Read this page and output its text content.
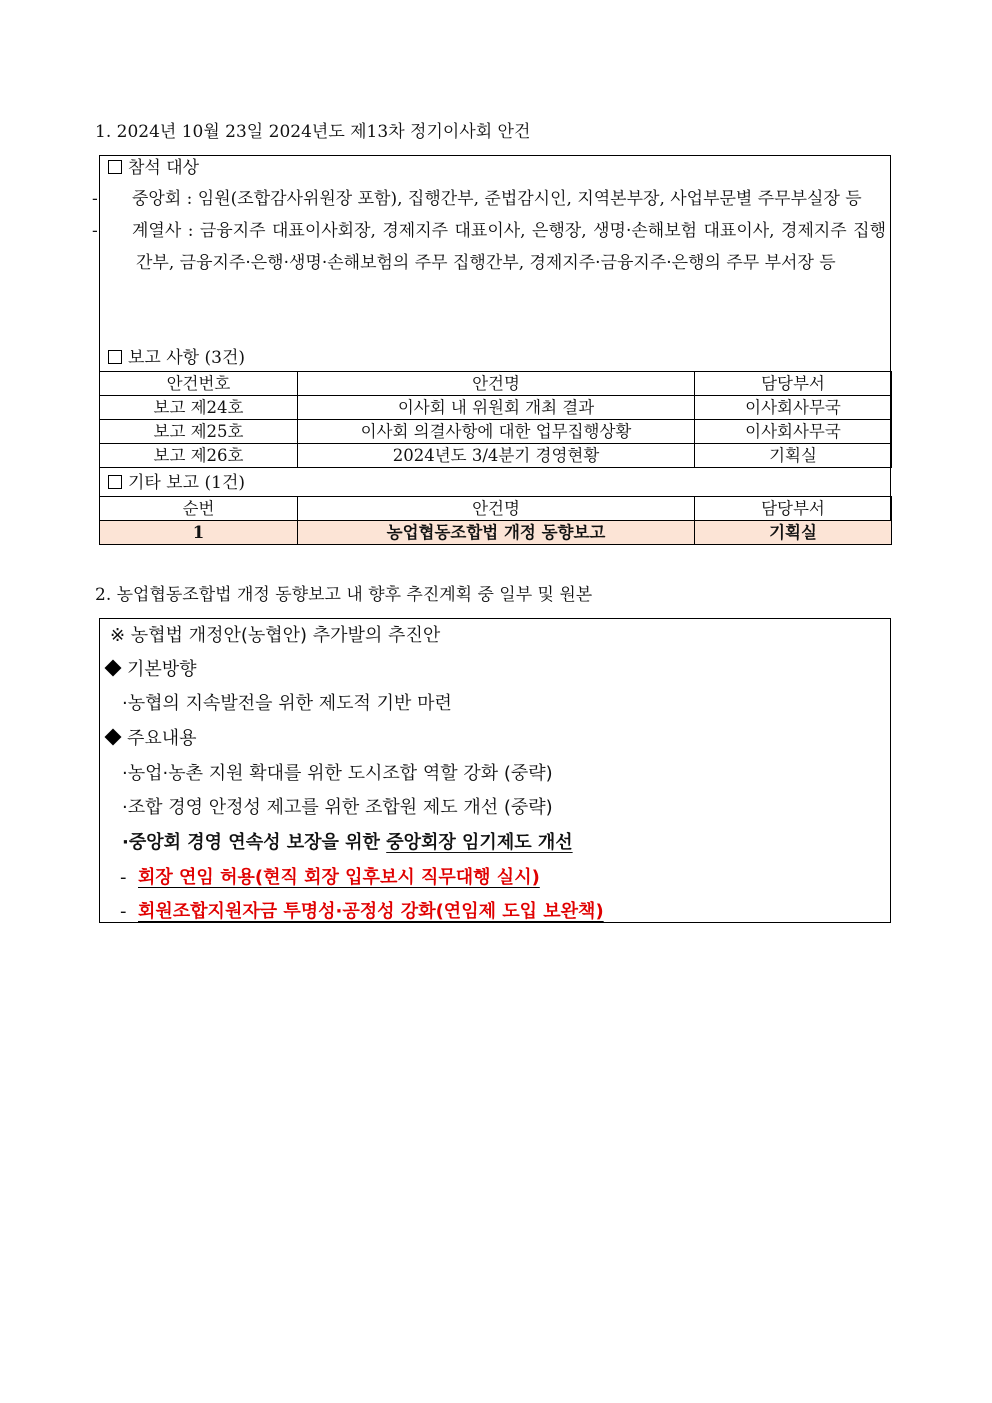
1. 2024년 10월 23일 2024년도 제13차 정기이사회 안건
참석 대상
- 중앙회 : 임원(조합감사위원장 포함), 집행간부, 준법감시인, 지역본부장, 사업부문별 주무부실장 등
- 계열사 : 금융지주 대표이사회장, 경제지주 대표이사, 은행장, 생명·손해보험 대표이사, 경제지주 집행간부, 금융지주·은행·생명·손해보험의 주무 집행간부, 경제지주·금융지주·은행의 주무 부서장 등
보고 사항 (3건)
안건번호	안건명	담당부서
보고 제24호	이사회 내 위원회 개최 결과	이사회사무국
보고 제25호	이사회 의결사항에 대한 업무집행상황	이사회사무국
보고 제26호	2024년도 3/4분기 경영현황	기획실
기타 보고 (1건)
순번	안건명	담당부서
1	농업협동조합법 개정 동향보고	기획실
2. 농업협동조합법 개정 동향보고 내 향후 추진계획 중 일부 및 원본
※ 농협법 개정안(농협안) 추가발의 추진안
기본방향
·농협의 지속발전을 위한 제도적 기반 마련
주요내용
·농업·농촌 지원 확대를 위한 도시조합 역할 강화 (중략)
·조합 경영 안정성 제고를 위한 조합원 제도 개선 (중략)
·중앙회 경영 연속성 보장을 위한 중앙회장 임기제도 개선
- 회장 연임 허용(현직 회장 입후보시 직무대행 실시)
- 회원조합지원자금 투명성·공정성 강화(연임제 도입 보완책)
